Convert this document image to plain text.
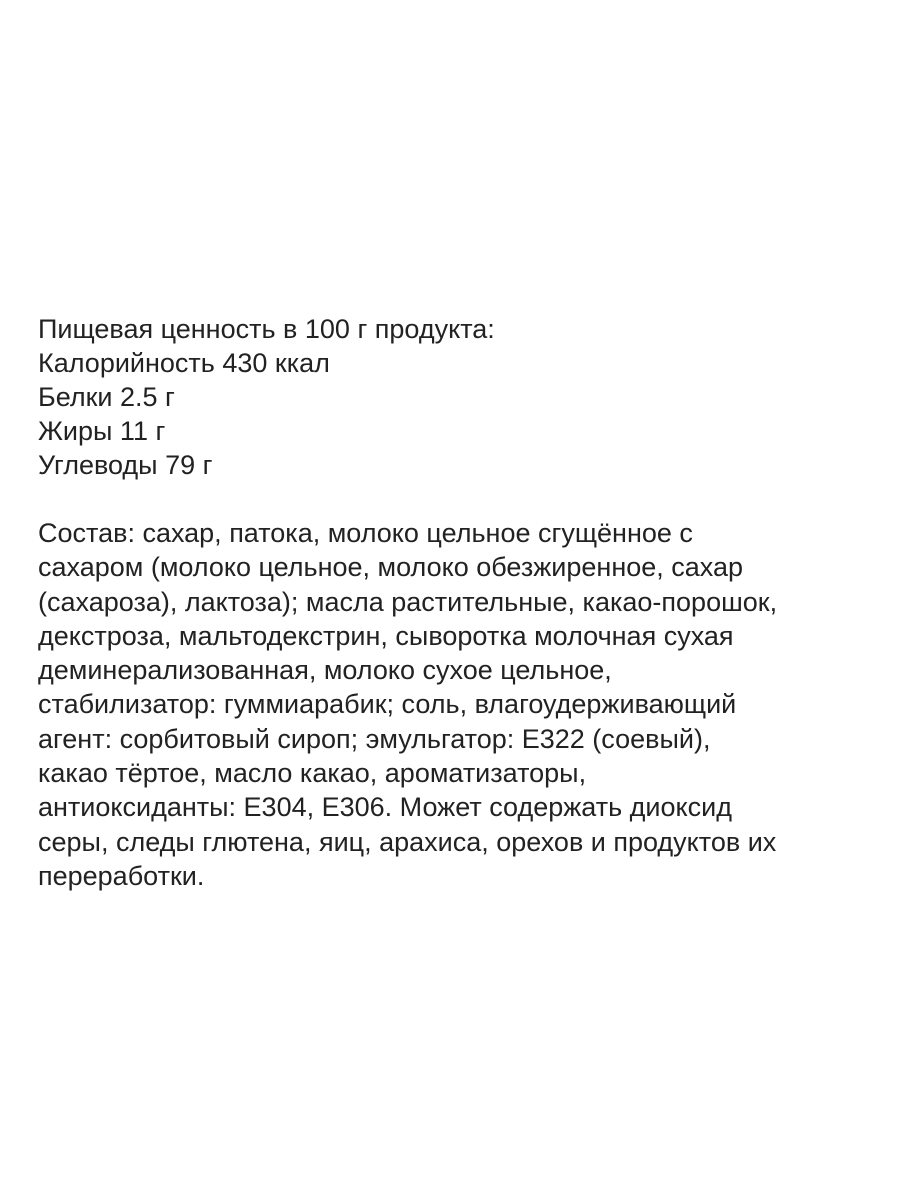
Пищевая ценность в 100 г продукта:
Калорийность 430 ккал
Белки 2.5 г
Жиры 11 г
Углеводы 79 г
Состав: сахар, патока, молоко цельное сгущённое с
сахаром (молоко цельное, молоко обезжиренное, сахар
(сахароза), лактоза); масла растительные, какао-порошок,
декстроза, мальтодекстрин, сыворотка молочная сухая
деминерализованная, молоко сухое цельное,
стабилизатор: гуммиарабик; соль, влагоудерживающий
агент: сорбитовый сироп; эмульгатор: Е322 (соевый),
какао тёртое, масло какао, ароматизаторы,
антиоксиданты: Е304, Е306. Может содержать диоксид
серы, следы глютена, яиц, арахиса, орехов и продуктов их
переработки.
